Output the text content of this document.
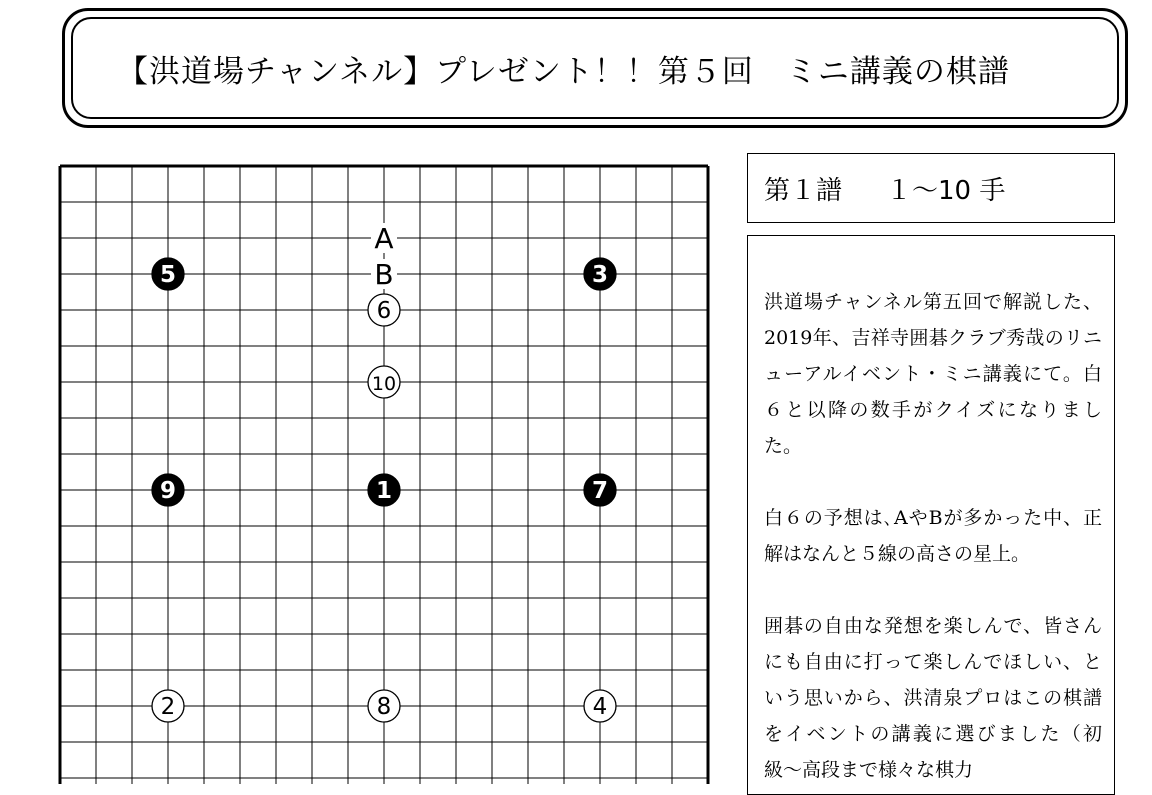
【洪道場チャンネル】プレゼント！！第５回　ミニ講義の棋譜
A
B
1
2
3
4
5
6
7
8
9
10
第１譜 １〜10 手

洪道場チャンネル第五回で解説した、2019年、吉祥寺囲碁クラブ秀哉のリニューアルイベント・ミニ講義にて。白６と以降の数手がクイズになりました。

白６の予想は､AやBが多かった中、正解はなんと５線の高さの星上。

囲碁の自由な発想を楽しんで、皆さんにも自由に打って楽しんでほしい、という思いから、洪清泉プロはこの棋譜をイベントの講義に選びました（初級〜高段まで様々な棋力
